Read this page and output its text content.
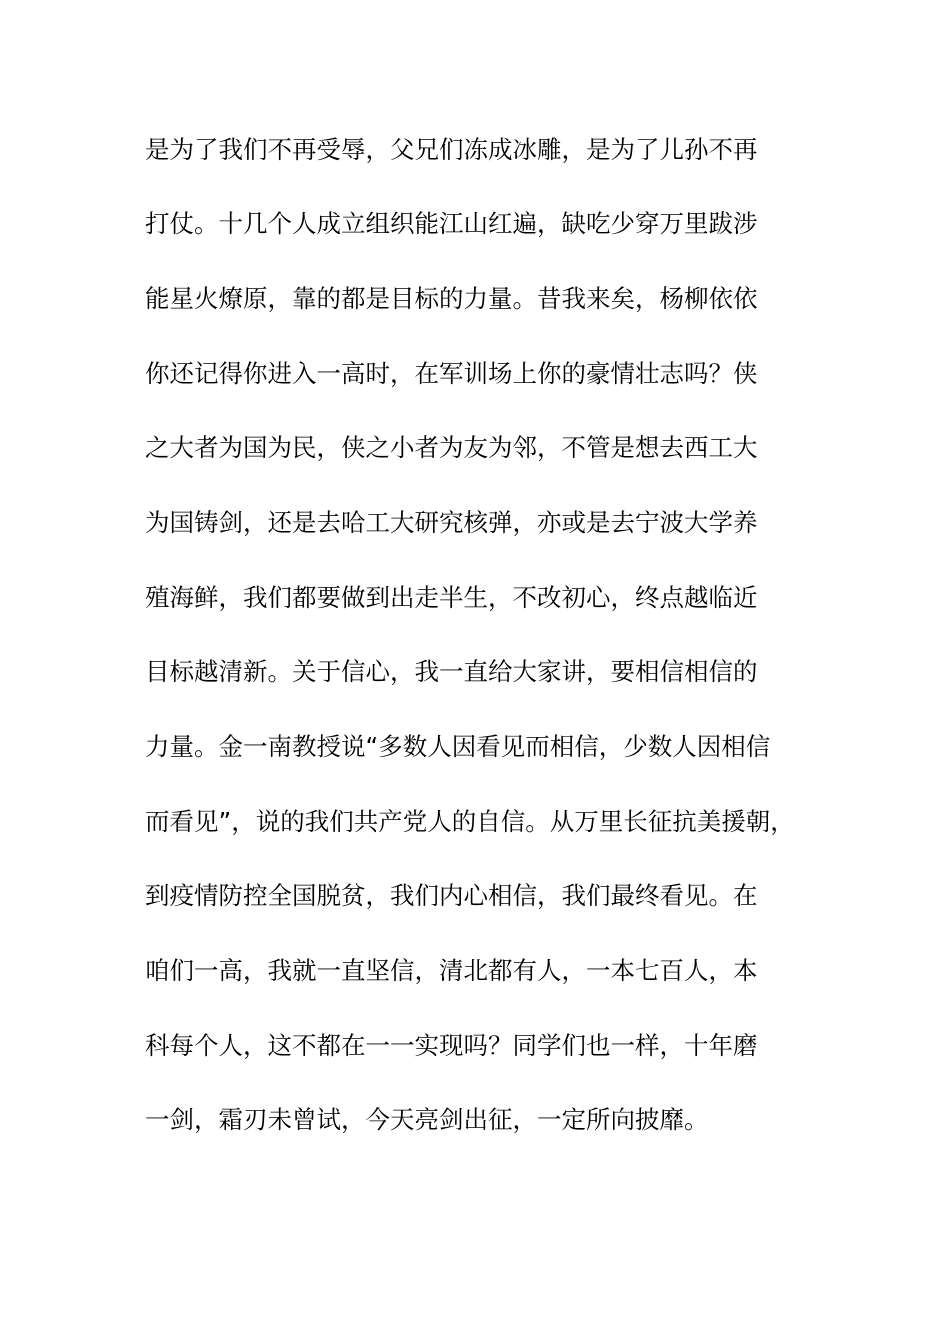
是为了我们不再受辱，父兄们冻成冰雕，是为了儿孙不再
打仗。十几个人成立组织能江山红遍，缺吃少穿万里跋涉
能星火燎原，靠的都是目标的力量。昔我来矣，杨柳依依
你还记得你进入一高时，在军训场上你的豪情壮志吗？侠
之大者为国为民，侠之小者为友为邻，不管是想去西工大
为国铸剑，还是去哈工大研究核弹，亦或是去宁波大学养
殖海鲜，我们都要做到出走半生，不改初心，终点越临近
目标越清新。关于信心，我一直给大家讲，要相信相信的
力量。金一南教授说“多数人因看见而相信，少数人因相信
而看见”，说的我们共产党人的自信。从万里长征抗美援朝，
到疫情防控全国脱贫，我们内心相信，我们最终看见。在
咱们一高，我就一直坚信，清北都有人，一本七百人，本
科每个人，这不都在一一实现吗？同学们也一样，十年磨
一剑，霜刃未曾试，今天亮剑出征，一定所向披靡。
